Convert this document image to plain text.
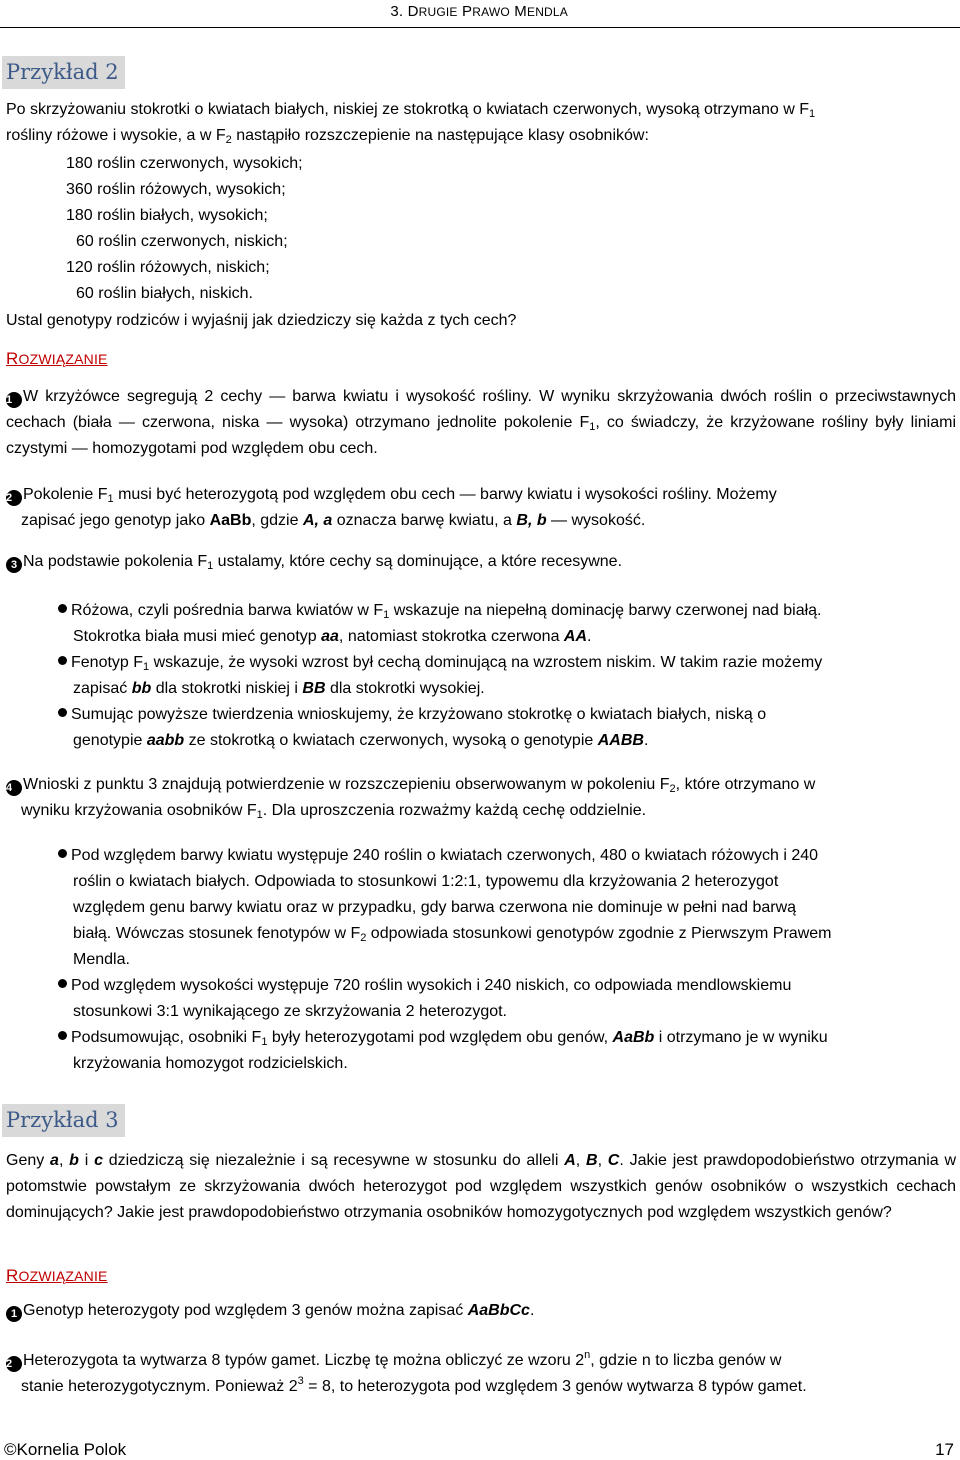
3. DRUGIE PRAWO MENDLA
Przykład 2
Po skrzyżowaniu stokrotki o kwiatach białych, niskiej ze stokrotką o kwiatach czerwonych, wysoką otrzymano w $F_1$
rośliny różowe i wysokie, a w $F_2$ nastąpiło rozszczepienie na następujące klasy osobników:
180 roślin czerwonych, wysokich;
360 roślin różowych, wysokich;
180 roślin białych, wysokich;
60 roślin czerwonych, niskich;
120 roślin różowych, niskich;
60 roślin białych, niskich.
Ustal genotypy rodziców i wyjaśnij jak dziedziczy się każda z tych cech?
ROZWIĄZANIE
1 W krzyżówce segregują 2 cechy — barwa kwiatu i wysokość rośliny. W wyniku skrzyżowania dwóch roślin o przeciwstawnych cechach (biała — czerwona, niska — wysoka) otrzymano jednolite pokolenie $F_1$, co świadczy, że krzyżowane rośliny były liniami czystymi — homozygotami pod względem obu cech.
2 Pokolenie $F_1$ musi być heterozygotą pod względem obu cech — barwy kwiatu i wysokości rośliny. Możemy
zapisać jego genotyp jako AaBb, gdzie A, a oznacza barwę kwiatu, a B, b — wysokość.
3 Na podstawie pokolenia $F_1$ ustalamy, które cechy są dominujące, a które recesywne.
Różowa, czyli pośrednia barwa kwiatów w $F_1$ wskazuje na niepełną dominację barwy czerwonej nad białą.
Stokrotka biała musi mieć genotyp aa, natomiast stokrotka czerwona AA.
Fenotyp $F_1$ wskazuje, że wysoki wzrost był cechą dominującą na wzrostem niskim. W takim razie możemy
zapisać bb dla stokrotki niskiej i BB dla stokrotki wysokiej.
Sumując powyższe twierdzenia wnioskujemy, że krzyżowano stokrotkę o kwiatach białych, niską o
genotypie aabb ze stokrotką o kwiatach czerwonych, wysoką o genotypie AABB.
4 Wnioski z punktu 3 znajdują potwierdzenie w rozszczepieniu obserwowanym w pokoleniu $F_2$, które otrzymano w
wyniku krzyżowania osobników $F_1$. Dla uproszczenia rozważmy każdą cechę oddzielnie.
Pod względem barwy kwiatu występuje 240 roślin o kwiatach czerwonych, 480 o kwiatach różowych i 240
roślin o kwiatach białych. Odpowiada to stosunkowi 1:2:1, typowemu dla krzyżowania 2 heterozygot
względem genu barwy kwiatu oraz w przypadku, gdy barwa czerwona nie dominuje w pełni nad barwą
białą. Wówczas stosunek fenotypów w $F_2$ odpowiada stosunkowi genotypów zgodnie z Pierwszym Prawem
Mendla.
Pod względem wysokości występuje 720 roślin wysokich i 240 niskich, co odpowiada mendlowskiemu
stosunkowi 3:1 wynikającego ze skrzyżowania 2 heterozygot.
Podsumowując, osobniki $F_1$ były heterozygotami pod względem obu genów, AaBb i otrzymano je w wyniku
krzyżowania homozygot rodzicielskich.
Przykład 3
Geny a, b i c dziedziczą się niezależnie i są recesywne w stosunku do alleli A, B, C. Jakie jest prawdopodobieństwo otrzymania w potomstwie powstałym ze skrzyżowania dwóch heterozygot pod względem wszystkich genów osobników o wszystkich cechach dominujących? Jakie jest prawdopodobieństwo otrzymania osobników homozygotycznych pod względem wszystkich genów?
ROZWIĄZANIE
1 Genotyp heterozygoty pod względem 3 genów można zapisać AaBbCc.
2 Heterozygota ta wytwarza 8 typów gamet. Liczbę tę można obliczyć ze wzoru 2$^n$, gdzie n to liczba genów w
stanie heterozygotycznym. Ponieważ $2^3 = 8$, to heterozygota pod względem 3 genów wytwarza 8 typów gamet.
©Kornelia Polok	17
